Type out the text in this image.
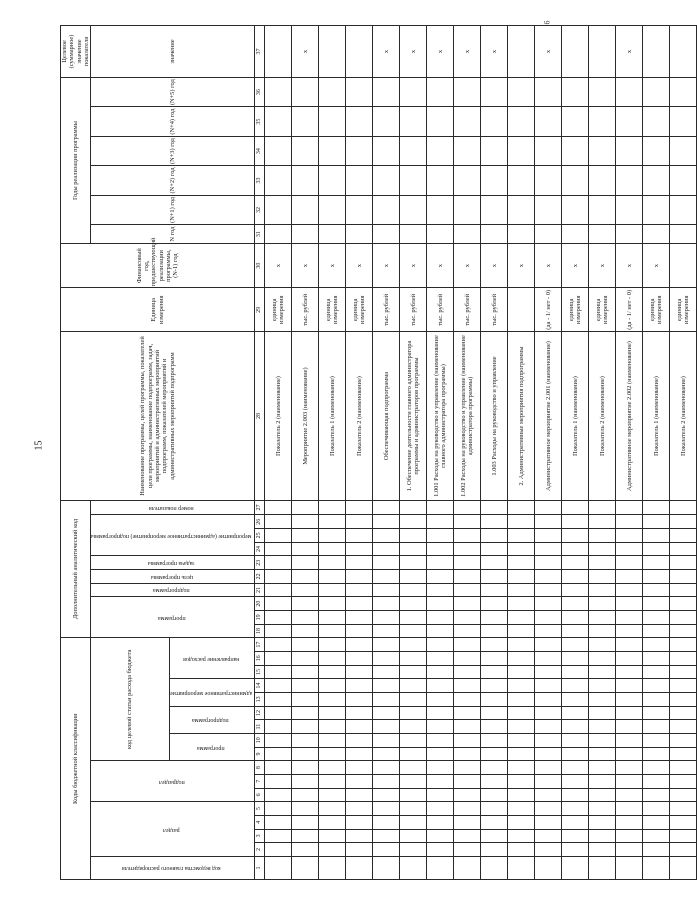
15
6
Коды бюджетной классификации																	Дополнительный аналитический код										Наименование программы, целей программы, показателей цели программы, наименование подпрограмм, задач, мероприятий и административных мероприятий подпрограмм, показателей мероприятий и административных мероприятий подпрограмм	Единица измерения	Финансовый год, предшествующий реализации программы, (N-1) год	Годы реализации программы						Целевое (суммарное) значение показателя
код ведомства главного распорядителя	раздел				подраздел			код целевой статьи расхода бюджета									программа			подпрограмма	цель программы	задача программы	мероприятие (административное мероприятие) подпрограммы			номер показателя				N год	(N+1) год	(N+2) год	(N+3) год	(N+4) год	(N+5) год	значение
								программа		подпрограмма		административное мероприятие		направление расходов																						
1	2	3	4	5	6	7	8	9	10	11	12	13	14	15	16	17	18	19	20	21	22	23	24	25	26	27	28	29	30	31	32	33	34	35	36	37
																											Показатель 2 (наименование)	единица измерения	x							
																											Мероприятие 2.003 (наименование)	тыс. рублей	x							x
																											Показатель 1 (наименование)	единица измерения	x							
																											Показатель 2 (наименование)	единица измерения	x							
																											Обеспечивающая подпрограмма	тыс. рублей	x							x
																											1. Обеспечение деятельности главного администратора программы и администраторов программы	тыс. рублей	x							x
																											1.001 Расходы на руководство и управление (наименование главного администратора программы)	тыс. рублей	x							x
																											1.002 Расходы на руководство и управление (наименование администратора программы)	тыс. рублей	x							x
																											1.003 Расходы на руководство и управление	тыс. рублей	x							x
																											2. Административные мероприятия подпрограммы		x							
																											Административное мероприятие 2.001 (наименование)	(да - 1/ нет - 0)	x							x
																											Показатель 1 (наименование)	единица измерения	x							
																											Показатель 2 (наименование)	единица измерения	x							
																											Административное мероприятие 2.002 (наименование)	(да - 1/ нет - 0)	x							x
																											Показатель 1 (наименование)	единица измерения	x							
																											Показатель 2 (наименование)	единица измерения								
